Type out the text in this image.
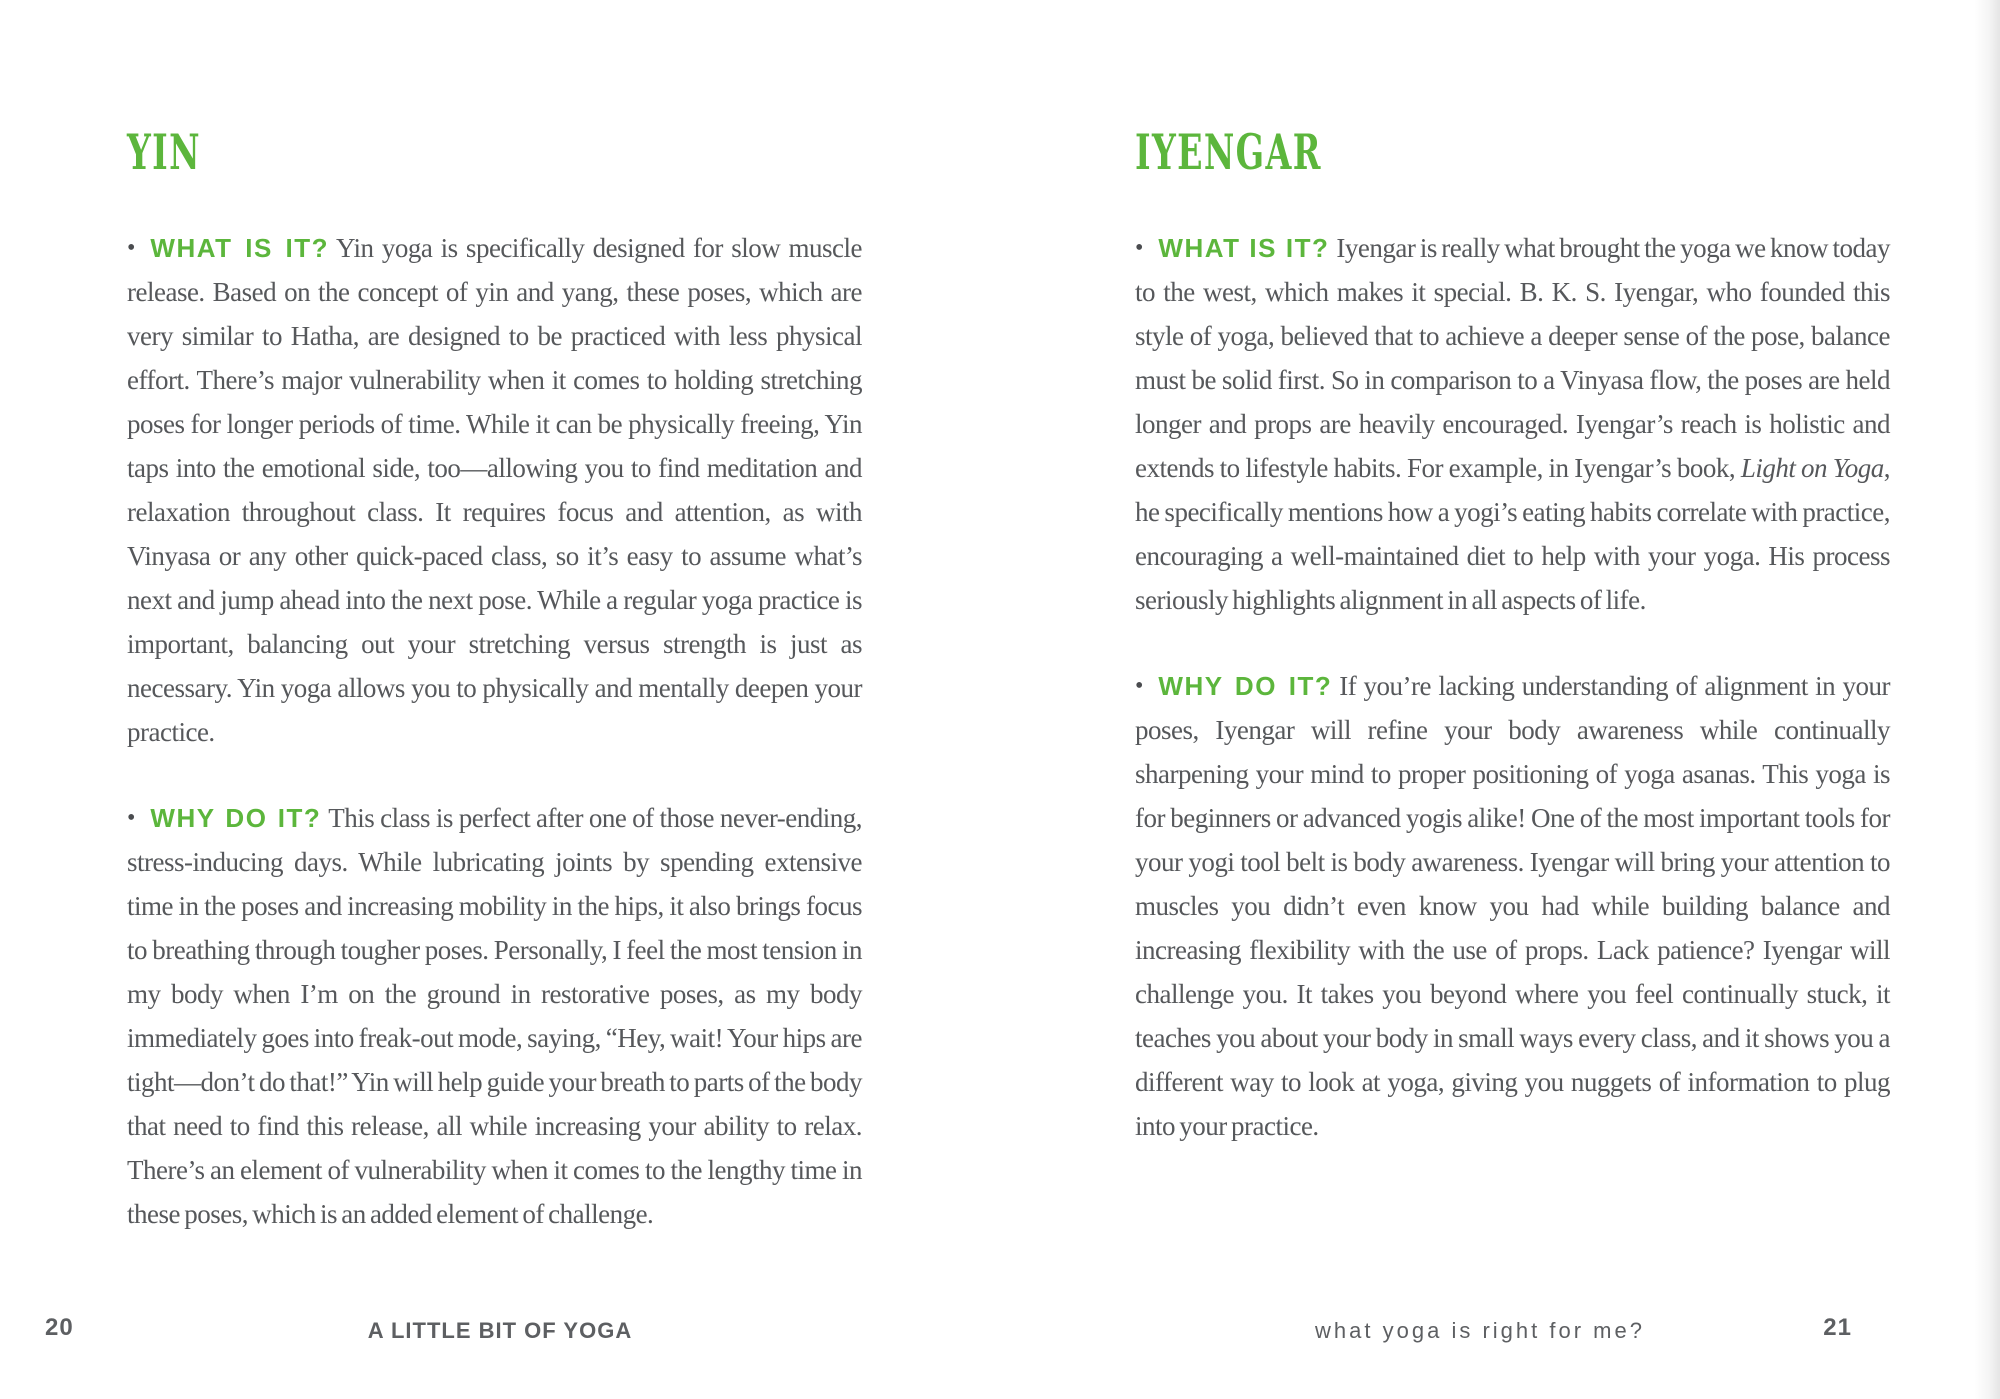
YIN

• WHAT IS IT? Yin yoga is specifically designed for slow muscle release. Based on the concept of yin and yang, these poses, which are very similar to Hatha, are designed to be practiced with less physical effort. There’s major vulnerability when it comes to holding stretching poses for longer periods of time. While it can be physically freeing, Yin taps into the emotional side, too—allowing you to find meditation and relaxation throughout class. It requires focus and attention, as with Vinyasa or any other quick-paced class, so it’s easy to assume what’s next and jump ahead into the next pose. While a regular yoga practice is important, balancing out your stretching versus strength is just as necessary. Yin yoga allows you to physically and mentally deepen your practice.

• WHY DO IT? This class is perfect after one of those never-ending, stress-inducing days. While lubricating joints by spending extensive time in the poses and increasing mobility in the hips, it also brings focus to breathing through tougher poses. Personally, I feel the most tension in my body when I’m on the ground in restorative poses, as my body immediately goes into freak-out mode, saying, “Hey, wait! Your hips are tight—don’t do that!” Yin will help guide your breath to parts of the body that need to find this release, all while increasing your ability to relax. There’s an element of vulnerability when it comes to the lengthy time in these poses, which is an added element of challenge.

20	A LITTLE BIT OF YOGA
IYENGAR

• WHAT IS IT? Iyengar is really what brought the yoga we know today to the west, which makes it special. B. K. S. Iyengar, who founded this style of yoga, believed that to achieve a deeper sense of the pose, balance must be solid first. So in comparison to a Vinyasa flow, the poses are held longer and props are heavily encouraged. Iyengar’s reach is holistic and extends to lifestyle habits. For example, in Iyengar’s book, Light on Yoga, he specifically mentions how a yogi’s eating habits correlate with practice, encouraging a well-maintained diet to help with your yoga. His process seriously highlights alignment in all aspects of life.

• WHY DO IT? If you’re lacking understanding of alignment in your poses, Iyengar will refine your body awareness while continually sharpening your mind to proper positioning of yoga asanas. This yoga is for beginners or advanced yogis alike! One of the most important tools for your yogi tool belt is body awareness. Iyengar will bring your attention to muscles you didn’t even know you had while building balance and increasing flexibility with the use of props. Lack patience? Iyengar will challenge you. It takes you beyond where you feel continually stuck, it teaches you about your body in small ways every class, and it shows you a different way to look at yoga, giving you nuggets of information to plug into your practice.

what yoga is right for me?	21
